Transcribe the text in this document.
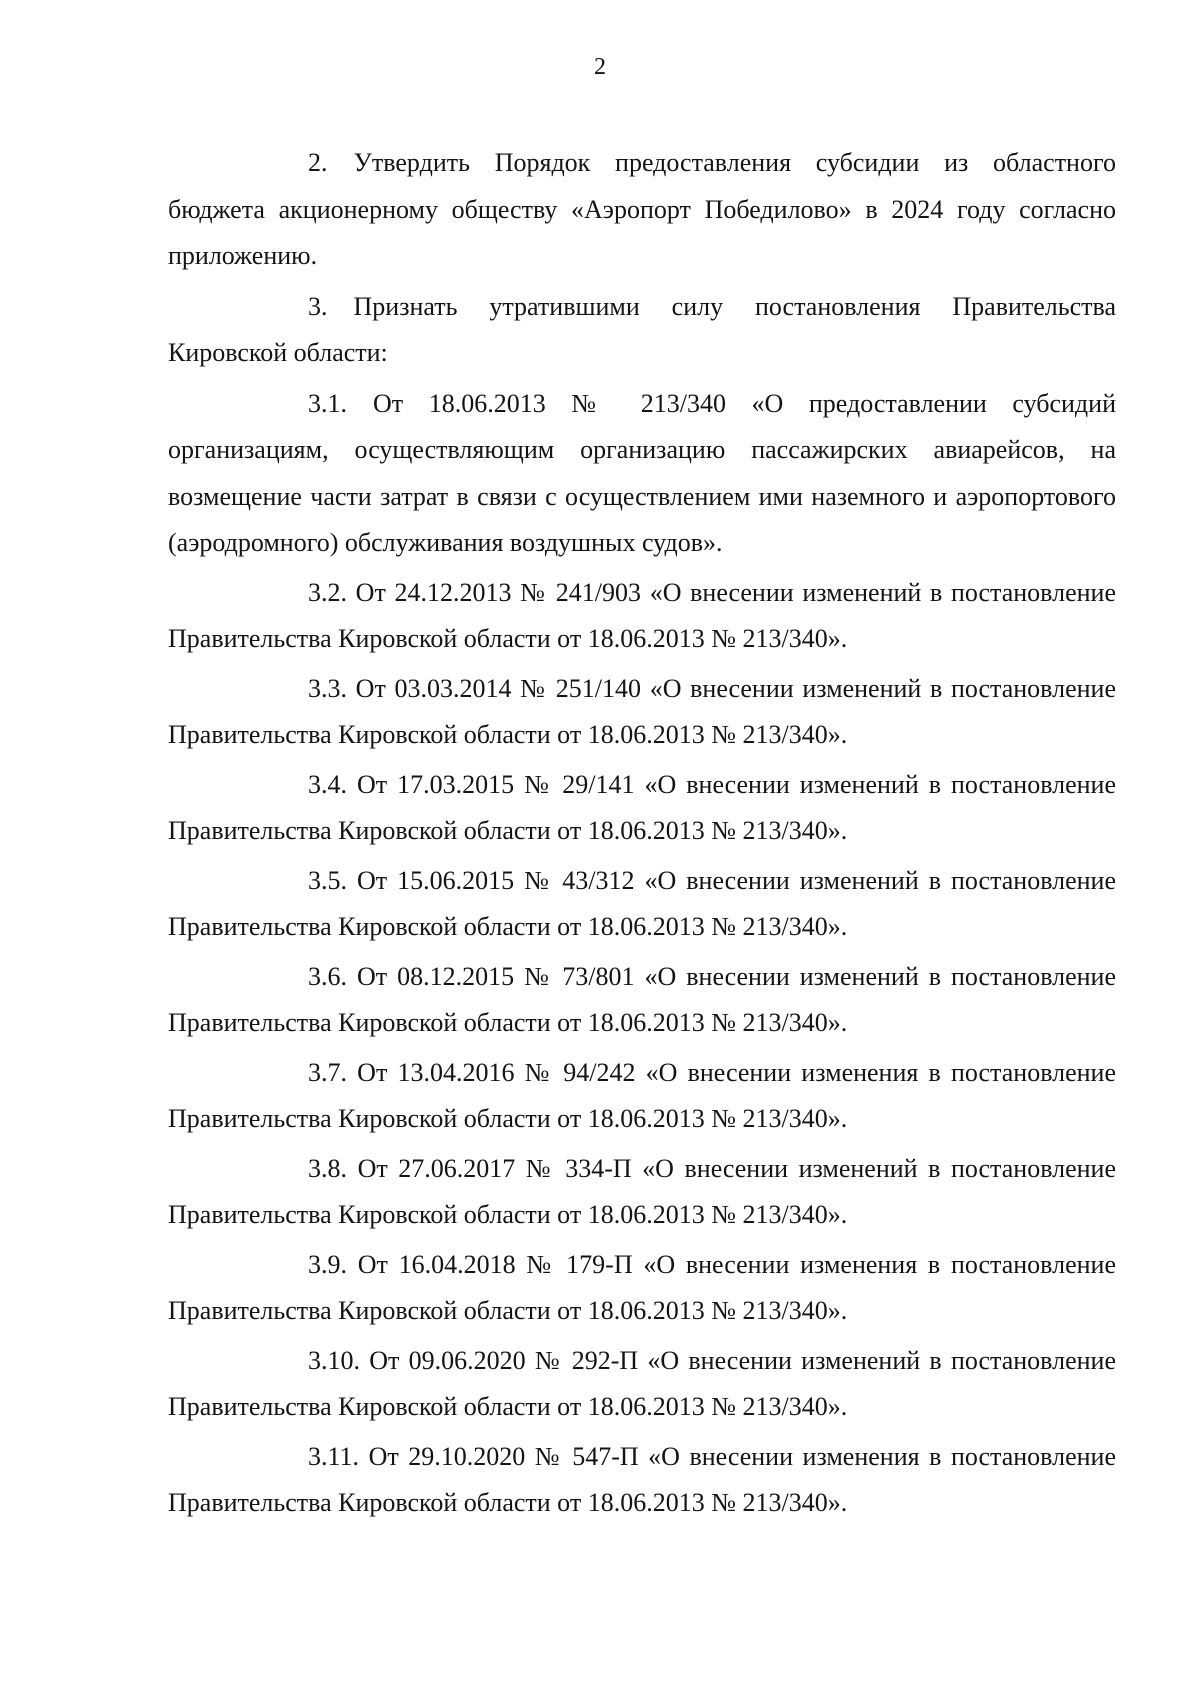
2

2. Утвердить Порядок предоставления субсидии из областного бюджета акционерному обществу «Аэропорт Победилово» в 2024 году согласно приложению.

3. Признать утратившими силу постановления Правительства Кировской области:

3.1. От 18.06.2013 № 213/340 «О предоставлении субсидий организациям, осуществляющим организацию пассажирских авиарейсов, на возмещение части затрат в связи с осуществлением ими наземного и аэропортового (аэродромного) обслуживания воздушных судов».

3.2. От 24.12.2013 № 241/903 «О внесении изменений в постановление Правительства Кировской области от 18.06.2013 № 213/340».

3.3. От 03.03.2014 № 251/140 «О внесении изменений в постановление Правительства Кировской области от 18.06.2013 № 213/340».

3.4. От 17.03.2015 № 29/141 «О внесении изменений в постановление Правительства Кировской области от 18.06.2013 № 213/340».

3.5. От 15.06.2015 № 43/312 «О внесении изменений в постановление Правительства Кировской области от 18.06.2013 № 213/340».

3.6. От 08.12.2015 № 73/801 «О внесении изменений в постановление Правительства Кировской области от 18.06.2013 № 213/340».

3.7. От 13.04.2016 № 94/242 «О внесении изменения в постановление Правительства Кировской области от 18.06.2013 № 213/340».

3.8. От 27.06.2017 № 334-П «О внесении изменений в постановление Правительства Кировской области от 18.06.2013 № 213/340».

3.9. От 16.04.2018 № 179-П «О внесении изменения в постановление Правительства Кировской области от 18.06.2013 № 213/340».

3.10. От 09.06.2020 № 292-П «О внесении изменений в постановление Правительства Кировской области от 18.06.2013 № 213/340».

3.11. От 29.10.2020 № 547-П «О внесении изменения в постановление Правительства Кировской области от 18.06.2013 № 213/340».
